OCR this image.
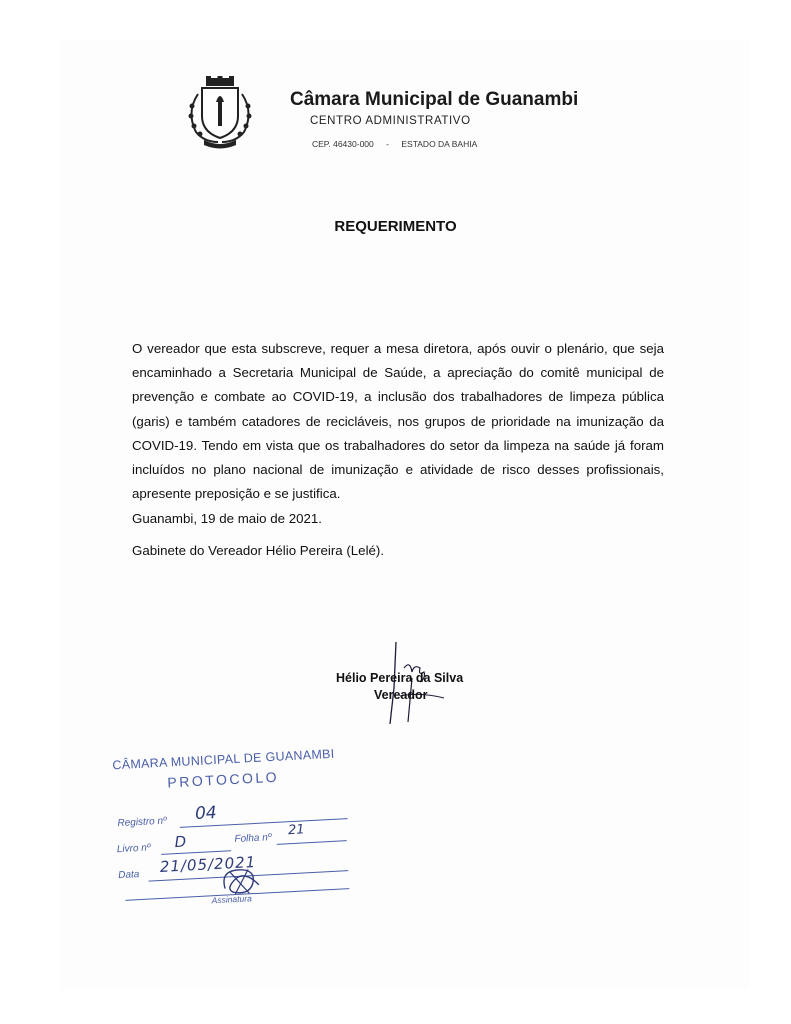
Câmara Municipal de Guanambi
CENTRO ADMINISTRATIVO
CEP. 46430-000 - ESTADO DA BAHIA
REQUERIMENTO
O vereador que esta subscreve, requer a mesa diretora, após ouvir o plenário, que seja encaminhado a Secretaria Municipal de Saúde, a apreciação do comitê municipal de prevenção e combate ao COVID-19, a inclusão dos trabalhadores de limpeza pública (garis) e também catadores de recicláveis, nos grupos de prioridade na imunização da COVID-19. Tendo em vista que os trabalhadores do setor da limpeza na saúde já foram incluídos no plano nacional de imunização e atividade de risco desses profissionais, apresente preposição e se justifica.
Guanambi, 19 de maio de 2021.
Gabinete do Vereador Hélio Pereira (Lelé).
Hélio Pereira da Silva
Vereador
CÂMARA MUNICIPAL DE GUANAMBI
PROTOCOLO
Registro nº 04
Livro nº D	Folha nº
21
Data 21/05/2021
Assinatura
